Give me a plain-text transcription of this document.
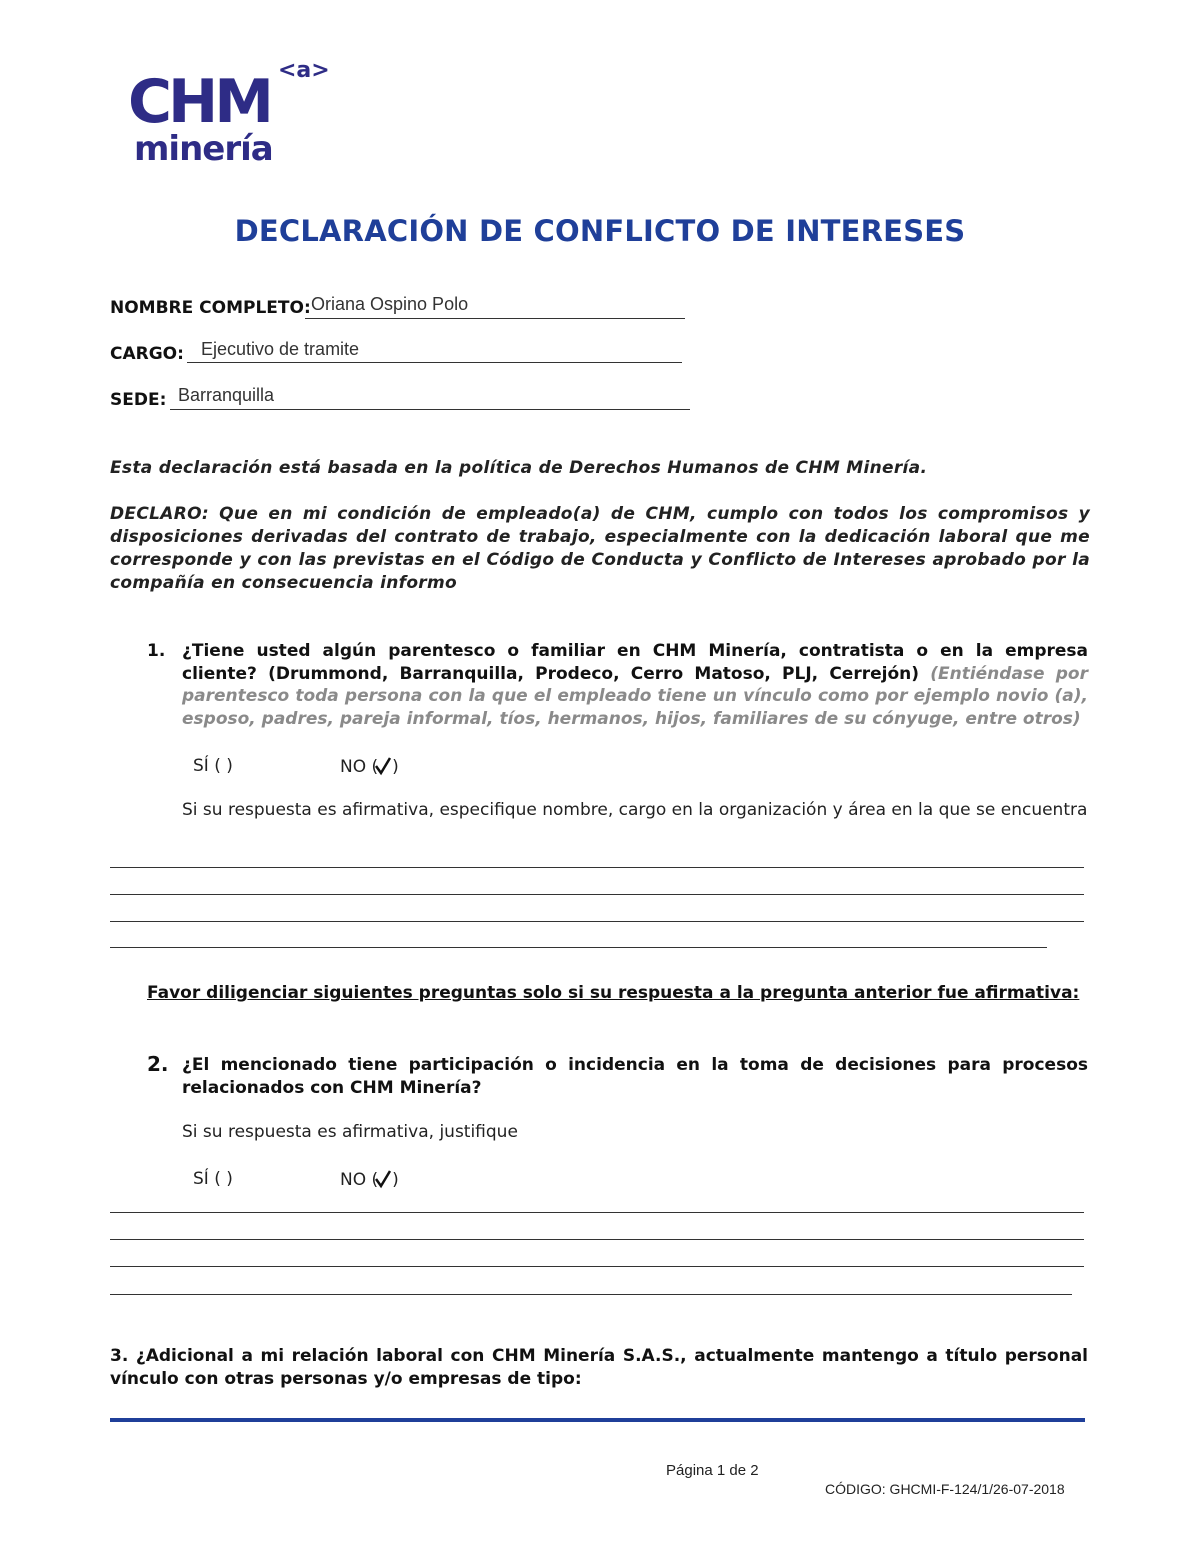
<a>
CHM
minería
DECLARACIÓN DE CONFLICTO DE INTERESES
NOMBRE COMPLETO: Oriana Ospino Polo
CARGO: Ejecutivo de tramite
SEDE: Barranquilla
Esta declaración está basada en la política de Derechos Humanos de CHM Minería.
DECLARO: Que en mi condición de empleado(a) de CHM, cumplo con todos los compromisos y disposiciones derivadas del contrato de trabajo, especialmente con la dedicación laboral que me corresponde y con las previstas en el Código de Conducta y Conflicto de Intereses aprobado por la compañía en consecuencia informo
1. ¿Tiene usted algún parentesco o familiar en CHM Minería, contratista o en la empresa cliente? (Drummond, Barranquilla, Prodeco, Cerro Matoso, PLJ, Cerrejón) (Entiéndase por parentesco toda persona con la que el empleado tiene un vínculo como por ejemplo novio (a), esposo, padres, pareja informal, tíos, hermanos, hijos, familiares de su cónyuge, entre otros)
SÍ ( )	NO ( )
Si su respuesta es afirmativa, especifique nombre, cargo en la organización y área en la que se encuentra
Favor diligenciar siguientes preguntas solo si su respuesta a la pregunta anterior fue afirmativa:
2. ¿El mencionado tiene participación o incidencia en la toma de decisiones para procesos relacionados con CHM Minería?
Si su respuesta es afirmativa, justifique
SÍ ( )	NO ( )
3. ¿Adicional a mi relación laboral con CHM Minería S.A.S., actualmente mantengo a título personal vínculo con otras personas y/o empresas de tipo:
Página 1 de 2
CÓDIGO: GHCMI-F-124/1/26-07-2018
